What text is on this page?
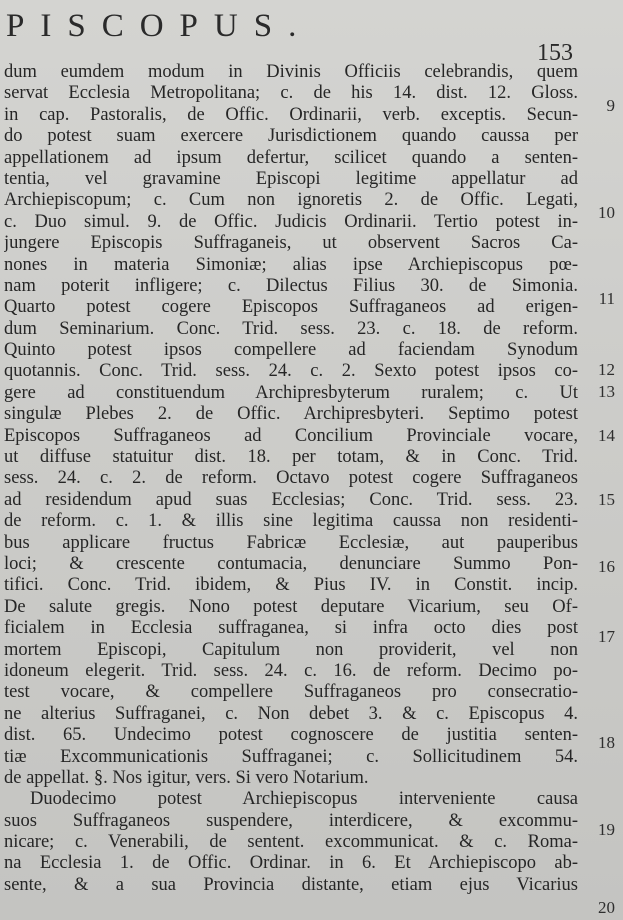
PISCOPUS.
153
dum eumdem modum in Divinis Officiis celebrandis, quem
servat Ecclesia Metropolitana; c. de his 14. dist. 12. Gloss.
in cap. Pastoralis, de Offic. Ordinarii, verb. exceptis. Secun-
do potest suam exercere Jurisdictionem quando caussa per
appellationem ad ipsum defertur, scilicet quando a senten-
tentia, vel gravamine Episcopi legitime appellatur ad
Archiepiscopum; c. Cum non ignoretis 2. de Offic. Legati,
c. Duo simul. 9. de Offic. Judicis Ordinarii. Tertio potest in-
jungere Episcopis Suffraganeis, ut observent Sacros Ca-
nones in materia Simoniæ; alias ipse Archiepiscopus pœ-
nam poterit infligere; c. Dilectus Filius 30. de Simonia.
Quarto potest cogere Episcopos Suffraganeos ad erigen-
dum Seminarium. Conc. Trid. sess. 23. c. 18. de reform.
Quinto potest ipsos compellere ad faciendam Synodum
quotannis. Conc. Trid. sess. 24. c. 2. Sexto potest ipsos co-
gere ad constituendum Archipresbyterum ruralem; c. Ut
singulæ Plebes 2. de Offic. Archipresbyteri. Septimo potest
Episcopos Suffraganeos ad Concilium Provinciale vocare,
ut diffuse statuitur dist. 18. per totam, & in Conc. Trid.
sess. 24. c. 2. de reform. Octavo potest cogere Suffraganeos
ad residendum apud suas Ecclesias; Conc. Trid. sess. 23.
de reform. c. 1. & illis sine legitima caussa non residenti-
bus applicare fructus Fabricæ Ecclesiæ, aut pauperibus
loci; & crescente contumacia, denunciare Summo Pon-
tifici. Conc. Trid. ibidem, & Pius IV. in Constit. incip.
De salute gregis. Nono potest deputare Vicarium, seu Of-
ficialem in Ecclesia suffraganea, si infra octo dies post
mortem Episcopi, Capitulum non providerit, vel non
idoneum elegerit. Trid. sess. 24. c. 16. de reform. Decimo po-
test vocare, & compellere Suffraganeos pro consecratio-
ne alterius Suffraganei, c. Non debet 3. & c. Episcopus 4.
dist. 65. Undecimo potest cognoscere de justitia senten-
tiæ Excommunicationis Suffraganei; c. Sollicitudinem 54.
de appellat. §. Nos igitur, vers. Si vero Notarium.
Duodecimo potest Archiepiscopus interveniente causa
suos Suffraganeos suspendere, interdicere, & excommu-
nicare; c. Venerabili, de sentent. excommunicat. & c. Roma-
na Ecclesia 1. de Offic. Ordinar. in 6. Et Archiepiscopo ab-
sente, & a sua Provincia distante, etiam ejus Vicarius
9
10
11
12
13
14
15
16
17
18
19
20
